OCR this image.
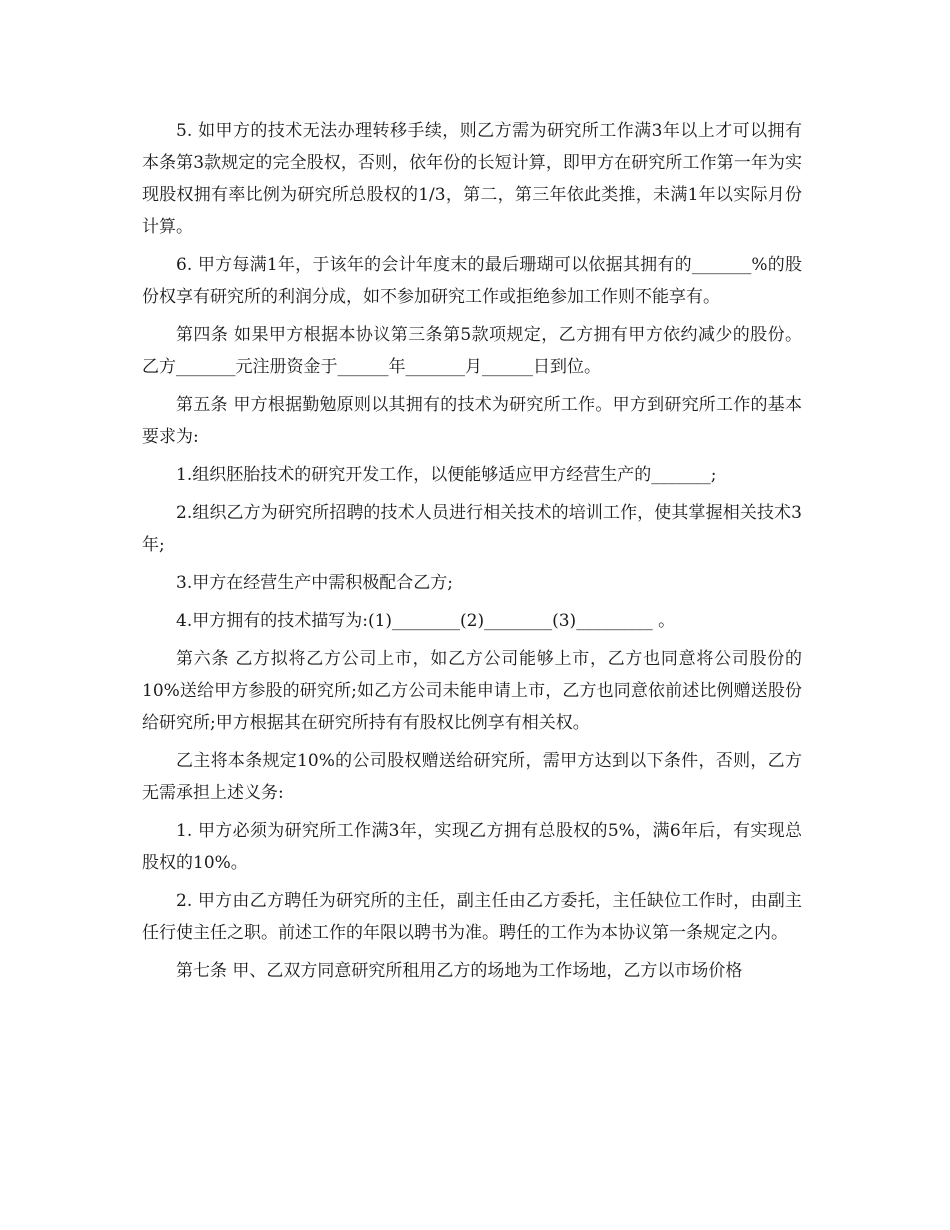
5. 如甲方的技术无法办理转移手续，则乙方需为研究所工作满3年以上才可以拥有本条第3款规定的完全股权，否则，依年份的长短计算，即甲方在研究所工作第一年为实现股权拥有率比例为研究所总股权的1/3，第二，第三年依此类推，未满1年以实际月份计算。

6. 甲方每满1年，于该年的会计年度末的最后珊瑚可以依据其拥有的_______%的股份权享有研究所的利润分成，如不参加研究工作或拒绝参加工作则不能享有。

第四条 如果甲方根据本协议第三条第5款项规定，乙方拥有甲方依约减少的股份。乙方_______元注册资金于______年_______月______日到位。

第五条 甲方根据勤勉原则以其拥有的技术为研究所工作。甲方到研究所工作的基本要求为:

1.组织胚胎技术的研究开发工作，以便能够适应甲方经营生产的_______;

2.组织乙方为研究所招聘的技术人员进行相关技术的培训工作，使其掌握相关技术3年;

3.甲方在经营生产中需积极配合乙方;

4.甲方拥有的技术描写为:(1)________(2)________(3)_________ 。

第六条 乙方拟将乙方公司上市，如乙方公司能够上市，乙方也同意将公司股份的10%送给甲方参股的研究所;如乙方公司未能申请上市，乙方也同意依前述比例赠送股份给研究所;甲方根据其在研究所持有有股权比例享有相关权。

乙主将本条规定10%的公司股权赠送给研究所，需甲方达到以下条件，否则，乙方无需承担上述义务:

1. 甲方必须为研究所工作满3年，实现乙方拥有总股权的5%，满6年后，有实现总股权的10%。

2. 甲方由乙方聘任为研究所的主任，副主任由乙方委托，主任缺位工作时，由副主任行使主任之职。前述工作的年限以聘书为准。聘任的工作为本协议第一条规定之内。

第七条 甲、乙双方同意研究所租用乙方的场地为工作场地，乙方以市场价格
